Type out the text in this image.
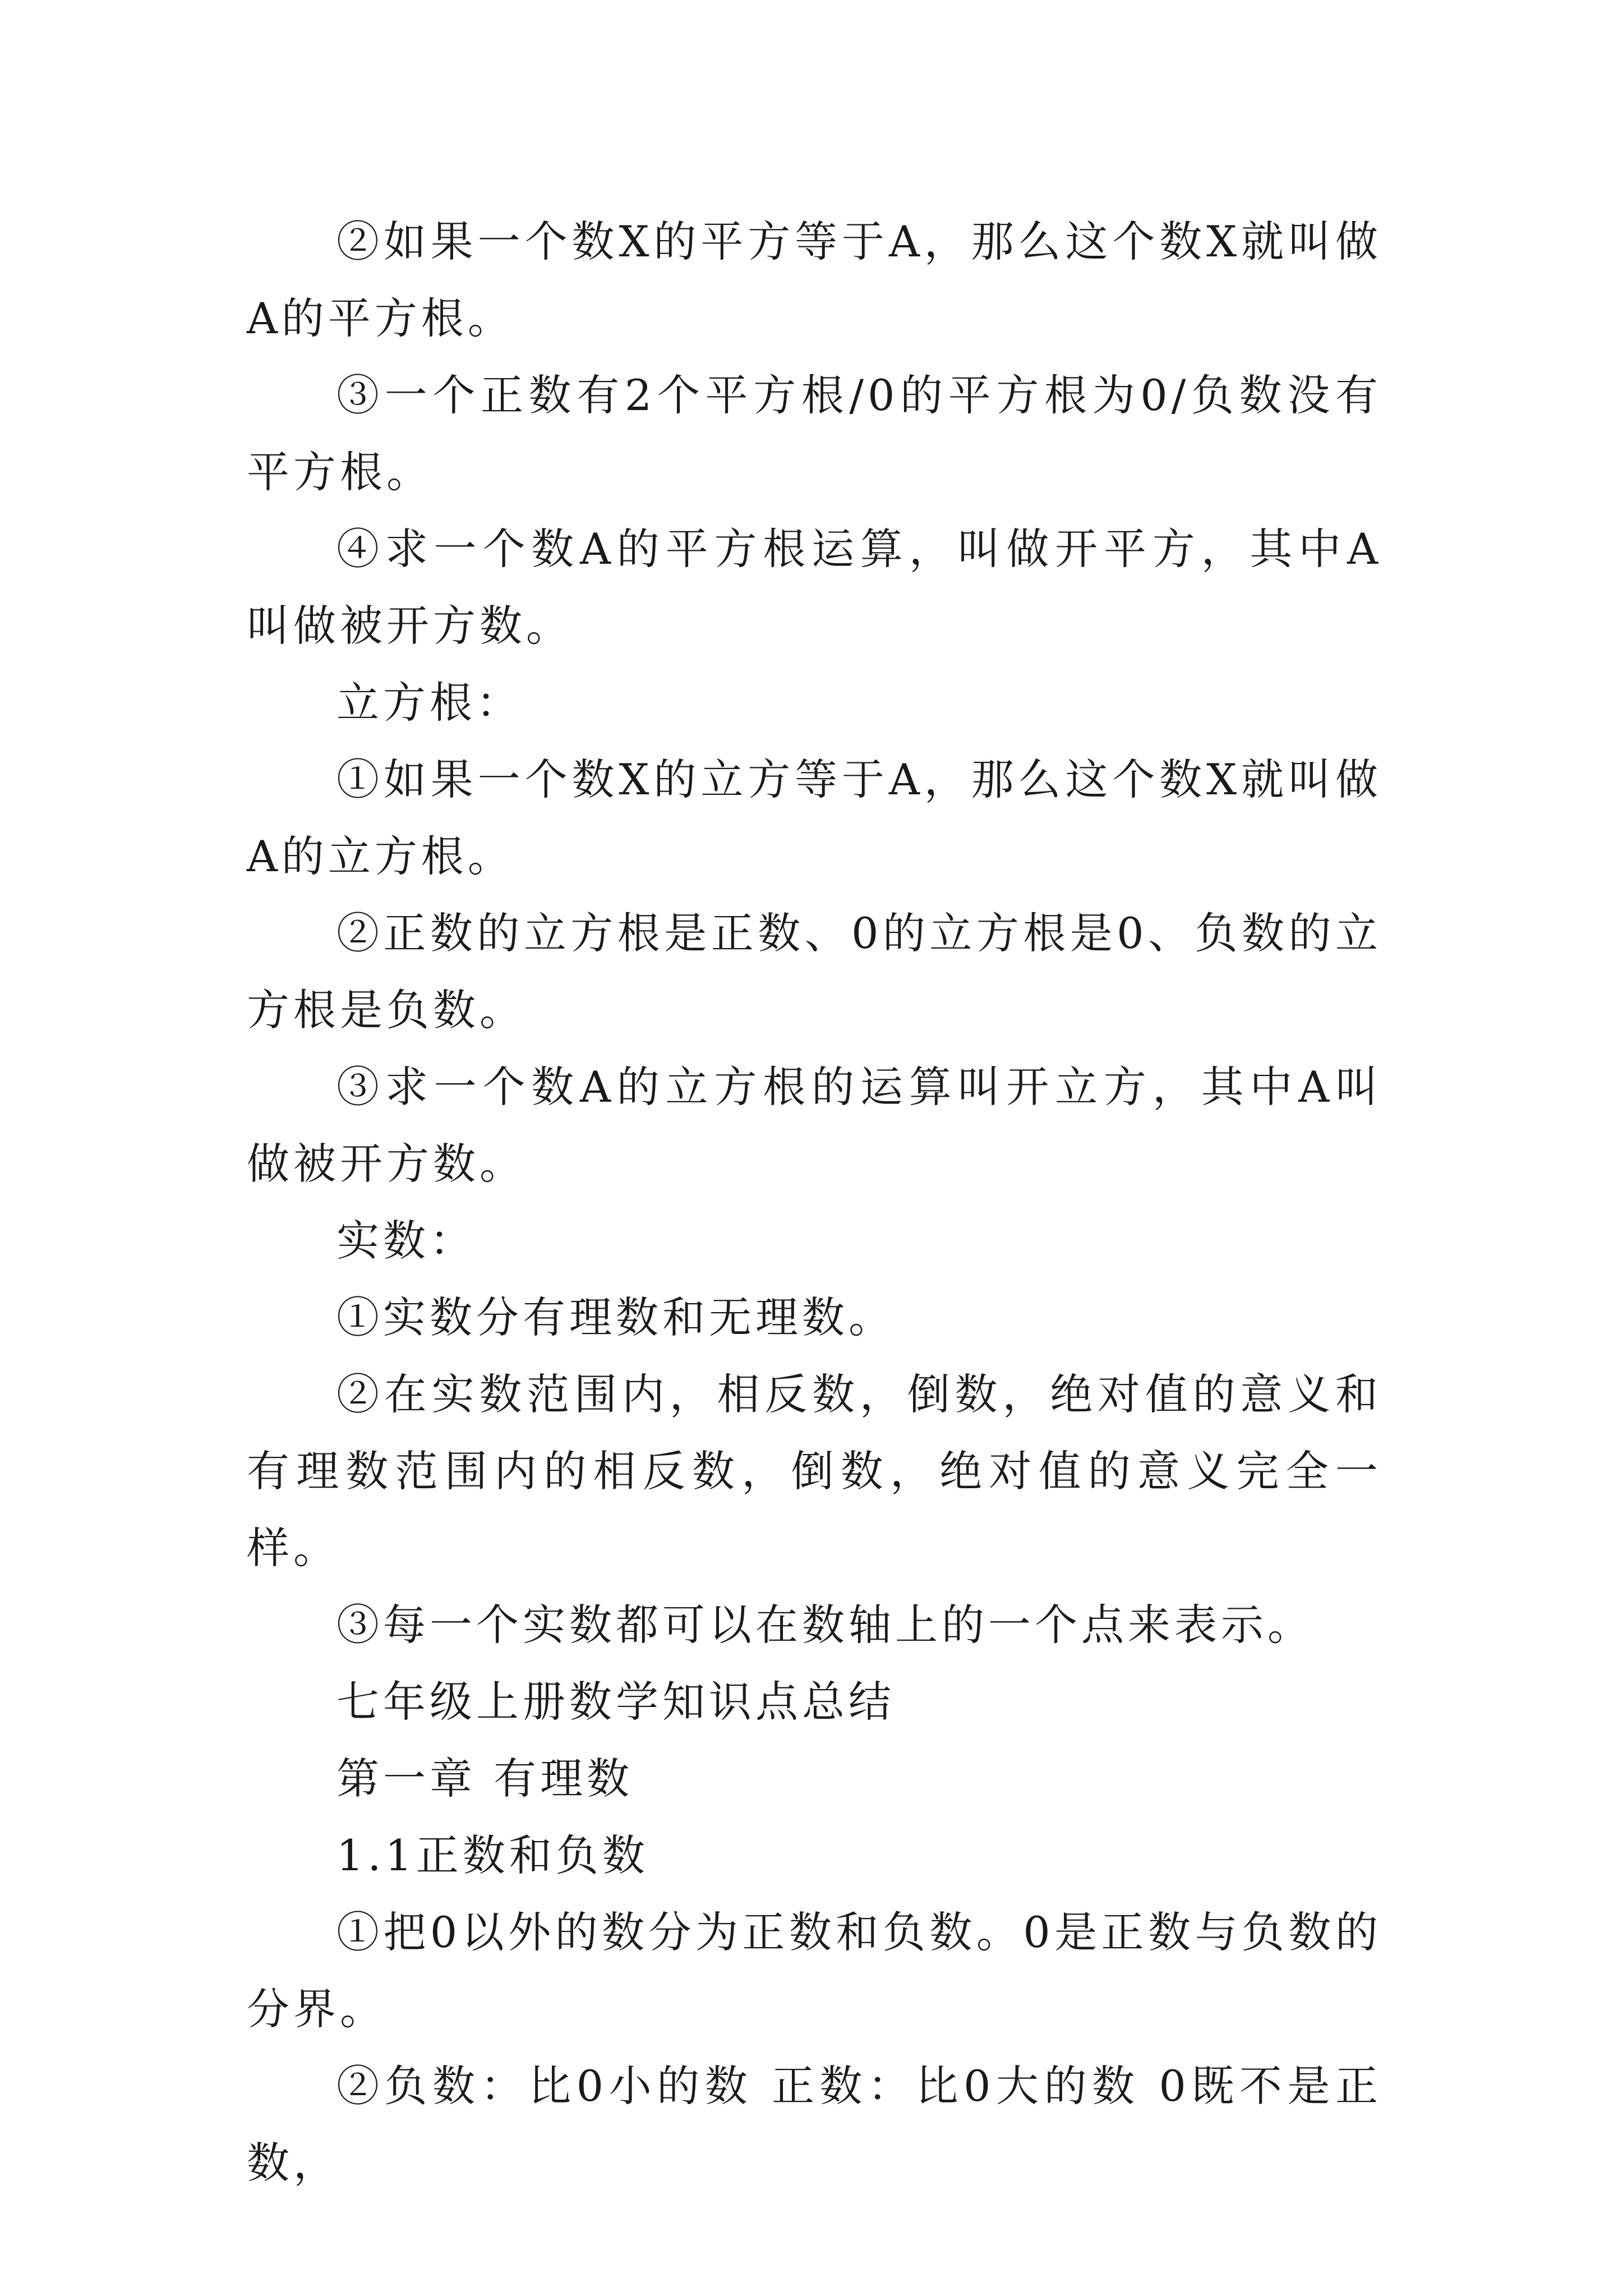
②如果一个数X的平方等于A，那么这个数X就叫做A的平方根。

③一个正数有2个平方根/0的平方根为0/负数没有平方根。

④求一个数A的平方根运算，叫做开平方，其中A叫做被开方数。

立方根：

①如果一个数X的立方等于A，那么这个数X就叫做A的立方根。

②正数的立方根是正数、0的立方根是0、负数的立方根是负数。

③求一个数A的立方根的运算叫开立方，其中A叫做被开方数。

实数：

①实数分有理数和无理数。

②在实数范围内，相反数，倒数，绝对值的意义和有理数范围内的相反数，倒数，绝对值的意义完全一样。

③每一个实数都可以在数轴上的一个点来表示。

七年级上册数学知识点总结

第一章 有理数

1.1正数和负数

①把0以外的数分为正数和负数。0是正数与负数的分界。

②负数：比0小的数 正数：比0大的数 0既不是正数，
